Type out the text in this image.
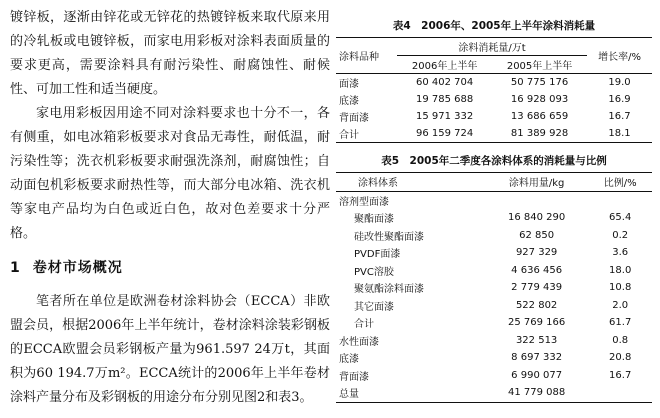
镀锌板，逐渐由锌花或无锌花的热镀锌板来取代原来用的冷轧板或电镀锌板，而家电用彩板对涂料表面质量的要求更高，需要涂料具有耐污染性、耐腐蚀性、耐候性、可加工性和适当硬度。

家电用彩板因用途不同对涂料要求也十分不一，各有侧重，如电冰箱彩板要求对食品无毒性，耐低温，耐污染性等；洗衣机彩板要求耐强洗涤剂，耐腐蚀性；自动面包机彩板要求耐热性等，而大部分电冰箱、洗衣机等家电产品均为白色或近白色，故对色差要求十分严格。

1 卷材市场概况

笔者所在单位是欧洲卷材涂料协会（ECCA）非欧盟会员，根据2006年上半年统计，卷材涂料涂装彩钢板的ECCA欧盟会员彩钢板产量为961.597 24万t，其面积为60 194.7万m²。ECCA统计的2006年上半年卷材涂料产量分布及彩钢板的用途分布分别见图2和表3。

表4　2006年、2005年上半年涂料消耗量
涂料品种	涂料消耗量/万t		增长率/%
	2006年上半年	2005年上半年	
面漆	60 402 704	50 775 176	19.0
底漆	19 785 688	16 928 093	16.9
背面漆	15 971 332	13 686 659	16.7
合计	96 159 724	81 389 928	18.1
表5　2005年二季度各涂料体系的消耗量与比例
涂料体系	涂料用量/kg	比例/%
溶剂型面漆		
聚酯面漆	16 840 290	65.4
硅改性聚酯面漆	62 850	0.2
PVDF面漆	927 329	3.6
PVC溶胶	4 636 456	18.0
聚氨酯涂料面漆	2 779 439	10.8
其它面漆	522 802	2.0
合计	25 769 166	61.7
水性面漆	322 513	0.8
底漆	8 697 332	20.8
背面漆	6 990 077	16.7
总量	41 779 088	
